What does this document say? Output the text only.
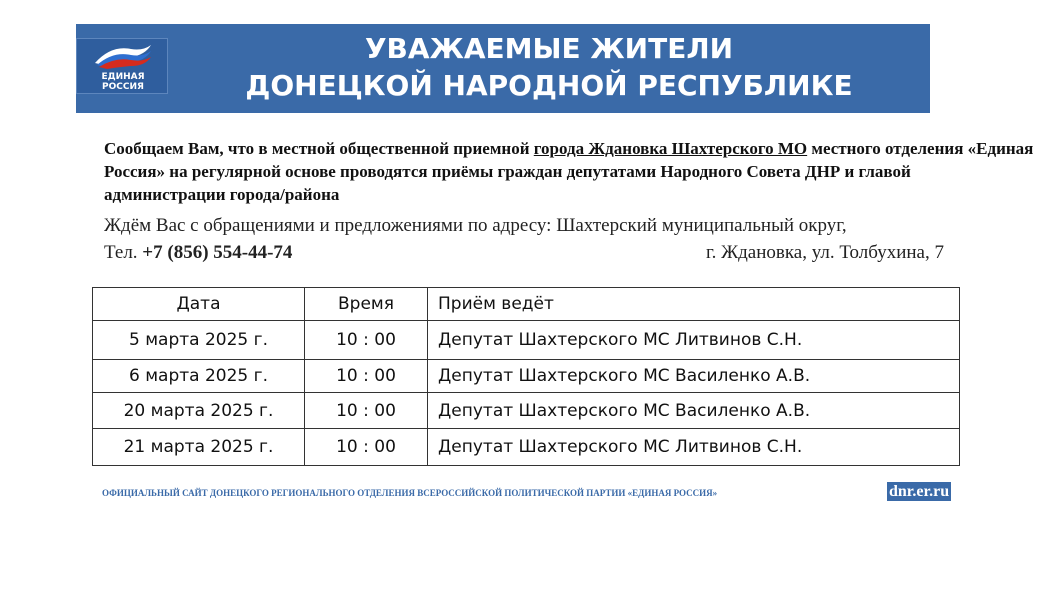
ЕДИНАЯ
РОССИЯ
УВАЖАЕМЫЕ ЖИТЕЛИ
ДОНЕЦКОЙ НАРОДНОЙ РЕСПУБЛИКЕ
Сообщаем Вам, что в местной общественной приемной города Ждановка Шахтерского МО местного отделения «Единая Россия» на регулярной основе проводятся приёмы граждан депутатами Народного Совета ДНР и главой администрации города/района
Ждём Вас с обращениями и предложениями по адресу: Шахтерский муниципальный округ,
Тел. +7 (856) 554-44-74	г. Ждановка, ул. Толбухина, 7
Дата	Время	Приём ведёт
5 марта 2025 г.	10 : 00	Депутат Шахтерского МС Литвинов С.Н.
6 марта 2025 г.	10 : 00	Депутат Шахтерского МС Василенко А.В.
20 марта 2025 г.	10 : 00	Депутат Шахтерского МС Василенко А.В.
21 марта 2025 г.	10 : 00	Депутат Шахтерского МС Литвинов С.Н.
ОФИЦИАЛЬНЫЙ САЙТ ДОНЕЦКОГО РЕГИОНАЛЬНОГО ОТДЕЛЕНИЯ ВСЕРОССИЙСКОЙ ПОЛИТИЧЕСКОЙ ПАРТИИ «ЕДИНАЯ РОССИЯ»	dnr.er.ru
